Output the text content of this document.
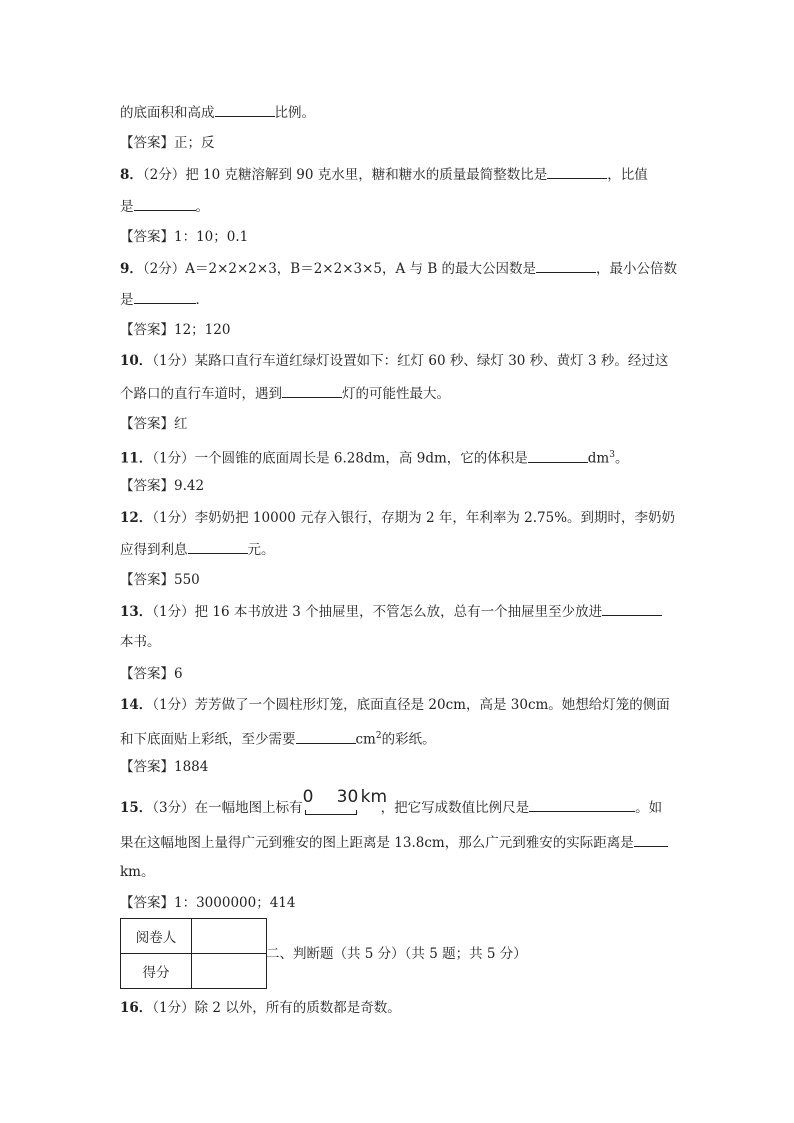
的底面积和高成	比例。
【答案】正；反
8．（2分）把 10 克糖溶解到 90 克水里，糖和糖水的质量最简整数比是	，比值
是	。
【答案】1：10；0.1
9．（2分）A＝2×2×2×3，B＝2×2×3×5，A 与 B 的最大公因数是	，最小公倍数
是	．
【答案】12；120
10．（1分）某路口直行车道红绿灯设置如下：红灯 60 秒、绿灯 30 秒、黄灯 3 秒。经过这
个路口的直行车道时，遇到	灯的可能性最大。
【答案】红
11．（1分）一个圆锥的底面周长是 6.28dm，高 9dm，它的体积是	$dm^3$。
【答案】9.42
12．（1分）李奶奶把 10000 元存入银行，存期为 2 年，年利率为 2.75%。到期时，李奶奶
应得到利息	元。
【答案】550
13．（1分）把 16 本书放进 3 个抽屉里，不管怎么放，总有一个抽屉里至少放进
本书。
【答案】6
14．（1分）芳芳做了一个圆柱形灯笼，底面直径是 20cm，高是 30cm。她想给灯笼的侧面
和下底面贴上彩纸，至少需要	$cm^2$的彩纸。
【答案】1884
15．（3分）在一幅地图上标有
0 30 km
，把它写成数值比例尺是	。如
果在这幅地图上量得广元到雅安的图上距离是 13.8cm，那么广元到雅安的实际距离是
km。
【答案】1：3000000；414
阅卷人	
得分	
二、判断题（共 5 分）（共 5 题；共 5 分）
16．（1分）除 2 以外，所有的质数都是奇数。
